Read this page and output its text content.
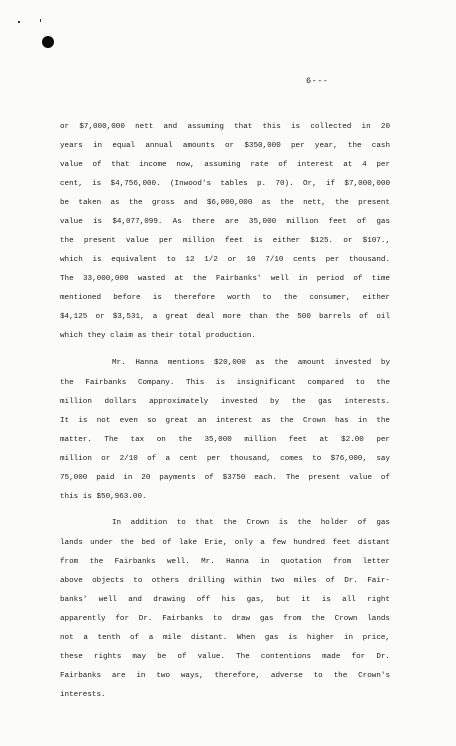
6---
or $7,000,000 nett and assuming that this is collected in 20
years in equal annual amounts or $350,000 per year, the cash
value of that income now, assuming rate of interest at 4 per
cent, is $4,756,000. (Inwood's tables p. 70). Or, if $7,000,000
be taken as the gross and $6,000,000 as the nett, the present
value is $4,077,099. As there are 35,000 million feet of gas
the present value per million feet is either $125. or $107.,
which is equivalent to 12 1/2 or 10 7/10 cents per thousand.
The 33,000,000 wasted at the Fairbanks' well in period of time
mentioned before is therefore worth to the consumer, either
$4,125 or $3,531, a great deal more than the 500 barrels of oil
which they claim as their total production.
Mr. Hanna mentions $20,000 as the amount invested by
the Fairbanks Company. This is insignificant compared to the
million dollars approximately invested by the gas interests.
It is not even so great an interest as the Crown has in the
matter. The tax on the 35,000 million feet at $2.00 per
million or 2/10 of a cent per thousand, comes to $76,000, say
75,000 paid in 20 payments of $3750 each. The present value of
this is $50,963.00.
In addition to that the Crown is the holder of gas
lands under the bed of lake Erie, only a few hundred feet distant
from the Fairbanks well. Mr. Hanna in quotation from letter
above objects to others drilling within two miles of Dr. Fair-
banks' well and drawing off his gas, but it is all right
apparently for Dr. Fairbanks to draw gas from the Crown lands
not a tenth of a mile distant. When gas is higher in price,
these rights may be of value. The contentions made for Dr.
Fairbanks are in two ways, therefore, adverse to the Crown's
interests.
